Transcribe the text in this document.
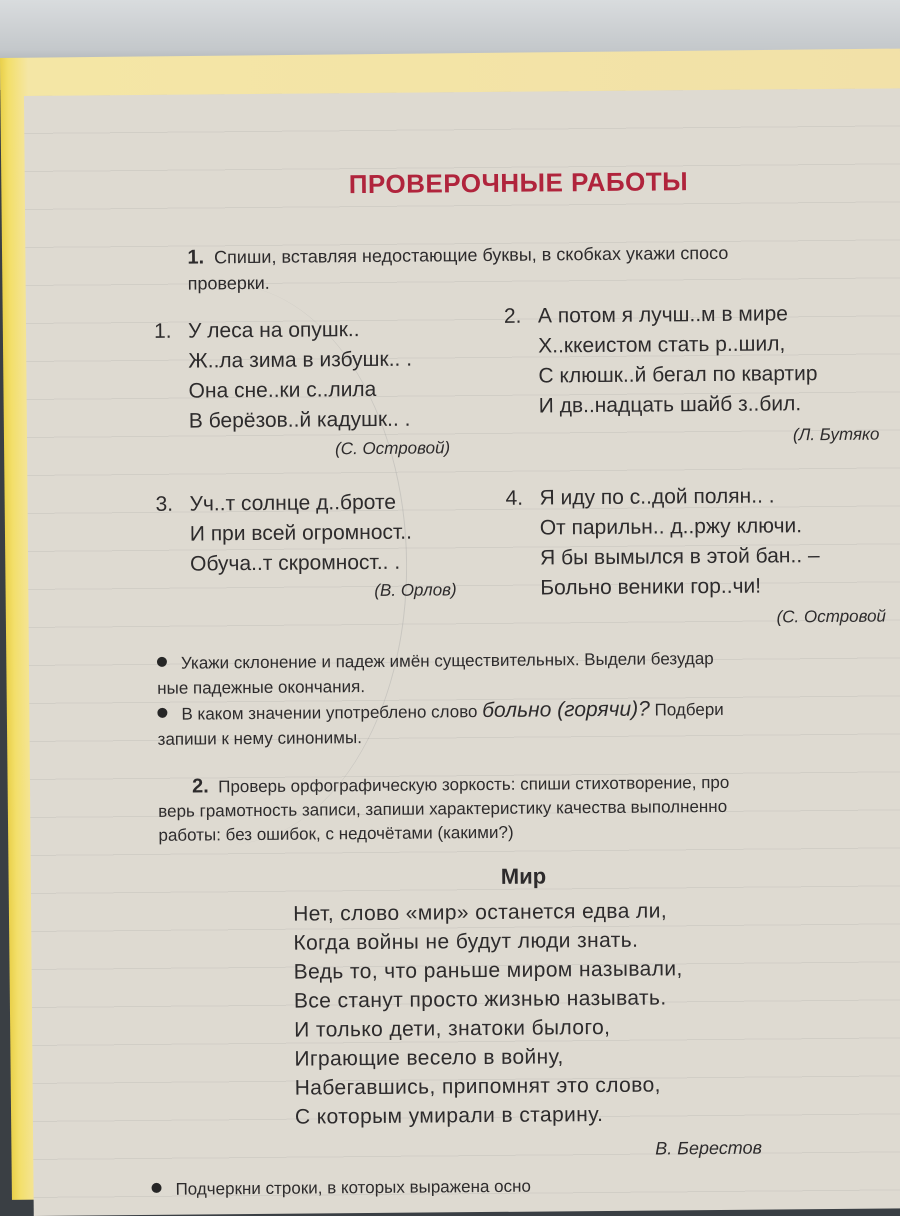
ПРОВЕРОЧНЫЕ РАБОТЫ
1. Спиши, вставляя недостающие буквы, в скобках укажи спосо
проверки.
1. У леса на опушк..
Ж..ла зима в избушк.. .
Она сне..ки с..лила
В берёзов..й кадушк.. .
(С. Островой)
2. А потом я лучш..м в мире
Х..ккеистом стать р..шил,
С клюшк..й бегал по квартир
И дв..надцать шайб з..бил.
(Л. Бутяко
3. Уч..т солнце д..броте
И при всей огромност..
Обуча..т скромност.. .
(В. Орлов)
4. Я иду по с..дой полян.. .
От парильн.. д..ржу ключи.
Я бы вымылся в этой бан.. –
Больно веники гор..чи!
(С. Островой
Укажи склонение и падеж имён существительных. Выдели безудар
ные падежные окончания.
В каком значении употреблено слово больно (горячи)? Подбери
запиши к нему синонимы.
2. Проверь орфографическую зоркость: спиши стихотворение, про
верь грамотность записи, запиши характеристику качества выполненно
работы: без ошибок, с недочётами (какими?)
Мир
Нет, слово «мир» останется едва ли,
Когда войны не будут люди знать.
Ведь то, что раньше миром называли,
Все станут просто жизнью называть.
И только дети, знатоки былого,
Играющие весело в войну,
Набегавшись, припомнят это слово,
С которым умирали в старину.
В. Берестов
Подчеркни строки, в которых выражена осно
